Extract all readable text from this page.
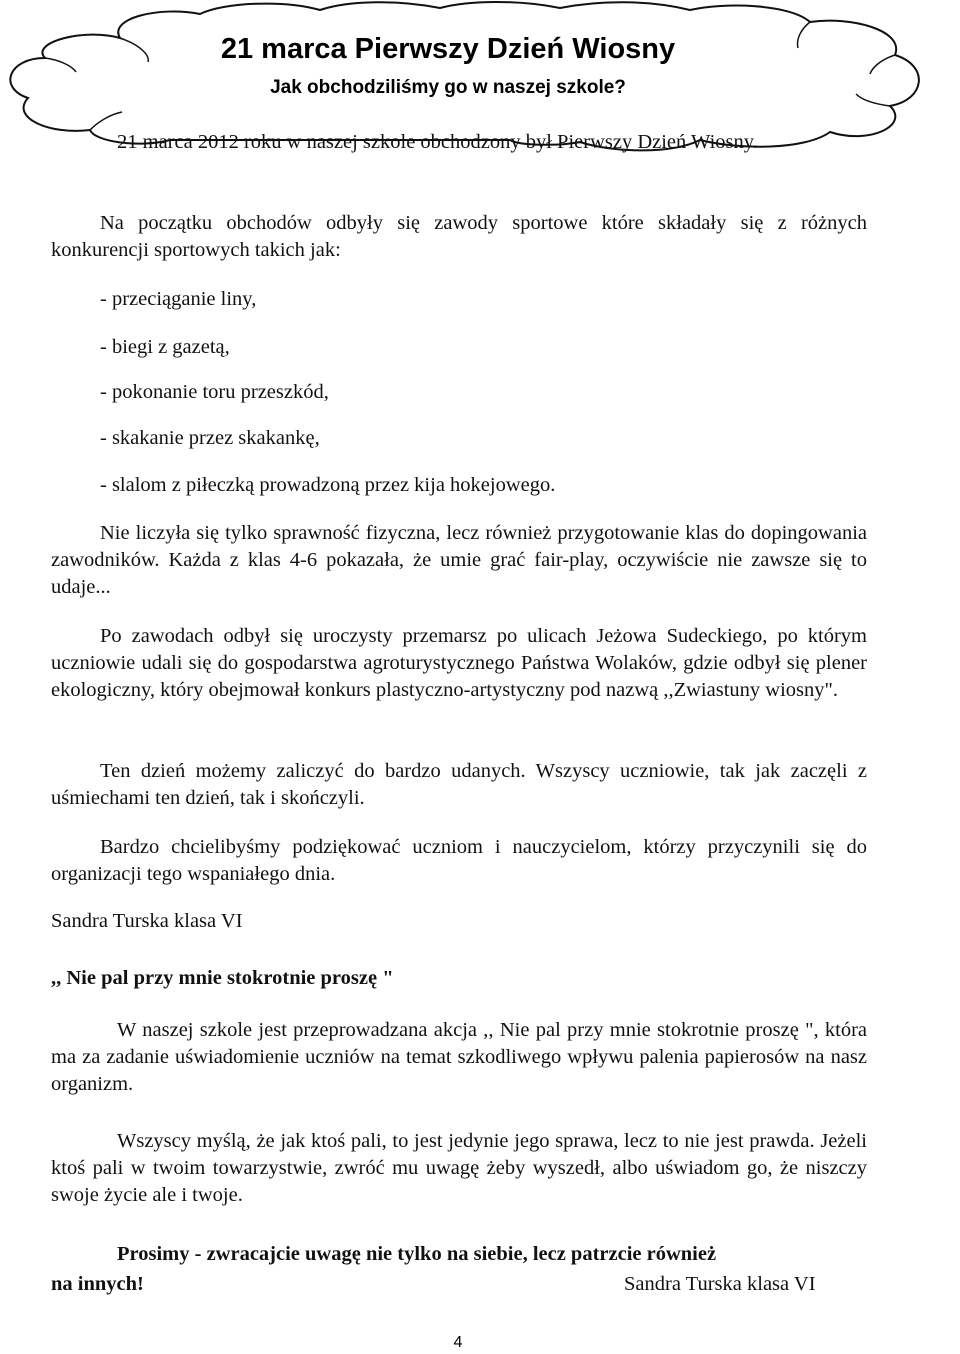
21 marca Pierwszy Dzień Wiosny
Jak obchodziliśmy go w naszej szkole?

21 marca 2012 roku w naszej szkole obchodzony był Pierwszy Dzień Wiosny.

Na początku obchodów odbyły się zawody sportowe które składały się z różnych konkurencji sportowych takich jak:

- przeciąganie liny,

- biegi z gazetą,

- pokonanie toru przeszkód,

- skakanie przez skakankę,

- slalom z piłeczką prowadzoną przez kija hokejowego.

Nie liczyła się tylko sprawność fizyczna, lecz również przygotowanie klas do dopingowania zawodników. Każda z klas 4-6 pokazała, że umie grać fair-play, oczywiście nie zawsze się to udaje...

Po zawodach odbył się uroczysty przemarsz po ulicach Jeżowa Sudeckiego, po którym uczniowie udali się do gospodarstwa agroturystycznego Państwa Wolaków, gdzie odbył się plener ekologiczny, który obejmował konkurs plastyczno-artystyczny pod nazwą ,,Zwiastuny wiosny".

Ten dzień możemy zaliczyć do bardzo udanych. Wszyscy uczniowie, tak jak zaczęli z uśmiechami ten dzień, tak i skończyli.

Bardzo chcielibyśmy podziękować uczniom i nauczycielom, którzy przyczynili się do organizacji tego wspaniałego dnia.

Sandra Turska klasa VI

,, Nie pal przy mnie stokrotnie proszę "

W naszej szkole jest przeprowadzana akcja ,, Nie pal przy mnie stokrotnie proszę ", która ma za zadanie uświadomienie uczniów na temat szkodliwego wpływu palenia papierosów na nasz organizm.

Wszyscy myślą, że jak ktoś pali, to jest jedynie jego sprawa, lecz to nie jest prawda. Jeżeli ktoś pali w twoim towarzystwie, zwróć mu uwagę żeby wyszedł, albo uświadom go, że niszczy swoje życie ale i twoje.

Prosimy - zwracajcie uwagę nie tylko na siebie, lecz patrzcie również

na innych!	Sandra Turska klasa VI

4
